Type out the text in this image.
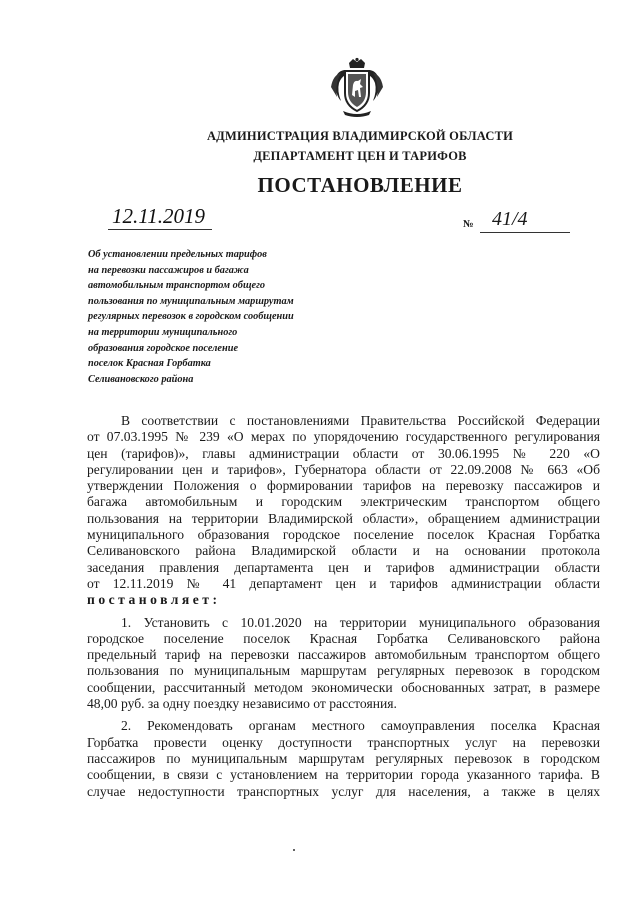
АДМИНИСТРАЦИЯ ВЛАДИМИРСКОЙ ОБЛАСТИ
ДЕПАРТАМЕНТ ЦЕН И ТАРИФОВ
ПОСТАНОВЛЕНИЕ
12.11.2019	№ 41/4
Об установлении предельных тарифов
на перевозки пассажиров и багажа
автомобильным транспортом общего
пользования по муниципальным маршрутам
регулярных перевозок в городском сообщении
на территории муниципального
образования городское поселение
поселок Красная Горбатка
Селивановского района
В соответствии с постановлениями Правительства Российской Федерации
от 07.03.1995 № 239 «О мерах по упорядочению государственного регулирования
цен (тарифов)», главы администрации области от 30.06.1995 № 220 «О
регулировании цен и тарифов», Губернатора области от 22.09.2008 № 663 «Об
утверждении Положения о формировании тарифов на перевозку пассажиров и
багажа автомобильным и городским электрическим транспортом общего
пользования на территории Владимирской области», обращением администрации
муниципального образования городское поселение поселок Красная Горбатка
Селивановского района Владимирской области и на основании протокола
заседания правления департамента цен и тарифов администрации области
от 12.11.2019 № 41 департамент цен и тарифов администрации области
постановляет:
1. Установить с 10.01.2020 на территории муниципального образования
городское поселение поселок Красная Горбатка Селивановского района
предельный тариф на перевозки пассажиров автомобильным транспортом общего
пользования по муниципальным маршрутам регулярных перевозок в городском
сообщении, рассчитанный методом экономически обоснованных затрат, в размере
48,00 руб. за одну поездку независимо от расстояния.
2. Рекомендовать органам местного самоуправления поселка Красная
Горбатка провести оценку доступности транспортных услуг на перевозки
пассажиров по муниципальным маршрутам регулярных перевозок в городском
сообщении, в связи с установлением на территории города указанного тарифа. В
случае недоступности транспортных услуг для населения, а также в целях
